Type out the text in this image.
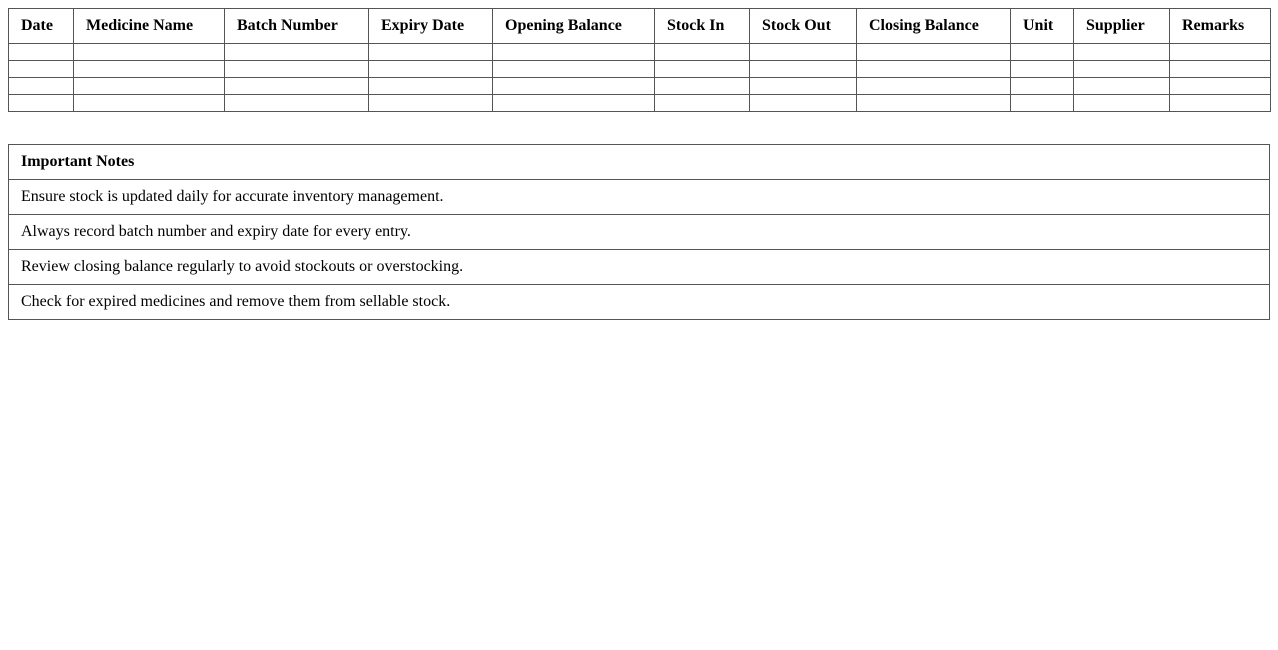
Date	Medicine Name	Batch Number	Expiry Date	Opening Balance	Stock In	Stock Out	Closing Balance	Unit	Supplier	Remarks

Important Notes
Ensure stock is updated daily for accurate inventory management.
Always record batch number and expiry date for every entry.
Review closing balance regularly to avoid stockouts or overstocking.
Check for expired medicines and remove them from sellable stock.
